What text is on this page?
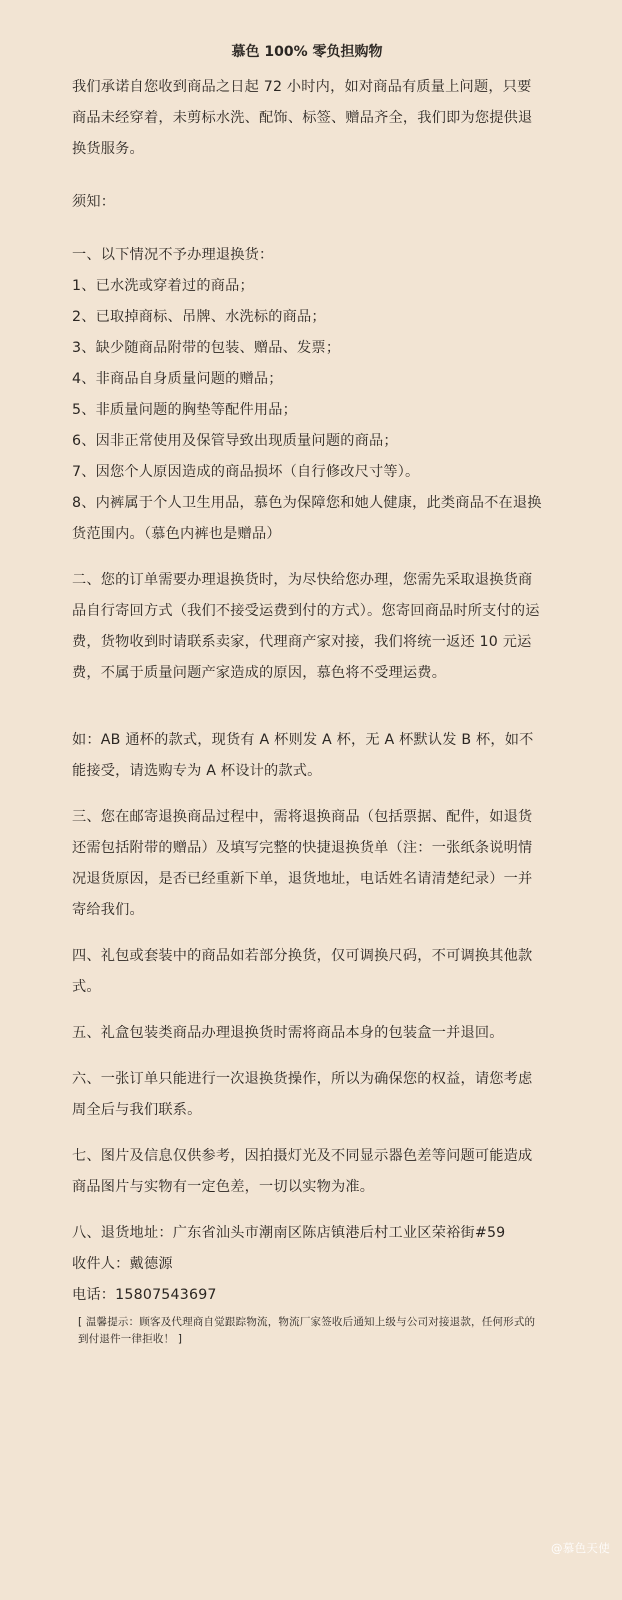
慕色 100% 零负担购物

我们承诺自您收到商品之日起 72 小时内，如对商品有质量上问题，只要商品未经穿着，未剪标水洗、配饰、标签、赠品齐全，我们即为您提供退换货服务。

须知：

一、以下情况不予办理退换货：

1、已水洗或穿着过的商品；

2、已取掉商标、吊牌、水洗标的商品；

3、缺少随商品附带的包装、赠品、发票；

4、非商品自身质量问题的赠品；

5、非质量问题的胸垫等配件用品；

6、因非正常使用及保管导致出现质量问题的商品；

7、因您个人原因造成的商品损坏（自行修改尺寸等）。

8、内裤属于个人卫生用品，慕色为保障您和她人健康，此类商品不在退换货范围内。（慕色内裤也是赠品）

二、您的订单需要办理退换货时，为尽快给您办理，您需先采取退换货商品自行寄回方式（我们不接受运费到付的方式）。您寄回商品时所支付的运费，货物收到时请联系卖家，代理商产家对接，我们将统一返还 10 元运费，不属于质量问题产家造成的原因，慕色将不受理运费。

如：AB 通杯的款式，现货有 A 杯则发 A 杯，无 A 杯默认发 B 杯，如不能接受，请选购专为 A 杯设计的款式。

三、您在邮寄退换商品过程中，需将退换商品（包括票据、配件，如退货还需包括附带的赠品）及填写完整的快捷退换货单（注：一张纸条说明情况退货原因，是否已经重新下单，退货地址，电话姓名请清楚纪录）一并寄给我们。

四、礼包或套装中的商品如若部分换货，仅可调换尺码，不可调换其他款式。

五、礼盒包装类商品办理退换货时需将商品本身的包装盒一并退回。

六、一张订单只能进行一次退换货操作，所以为确保您的权益，请您考虑周全后与我们联系。

七、图片及信息仅供参考，因拍摄灯光及不同显示器色差等问题可能造成商品图片与实物有一定色差，一切以实物为准。

八、退货地址：广东省汕头市潮南区陈店镇港后村工业区荣裕街#59

收件人：戴德源

电话：15807543697

[ 温馨提示：顾客及代理商自觉跟踪物流，物流厂家签收后通知上级与公司对接退款，任何形式的到付退件一律拒收！ ]

@慕色天使
